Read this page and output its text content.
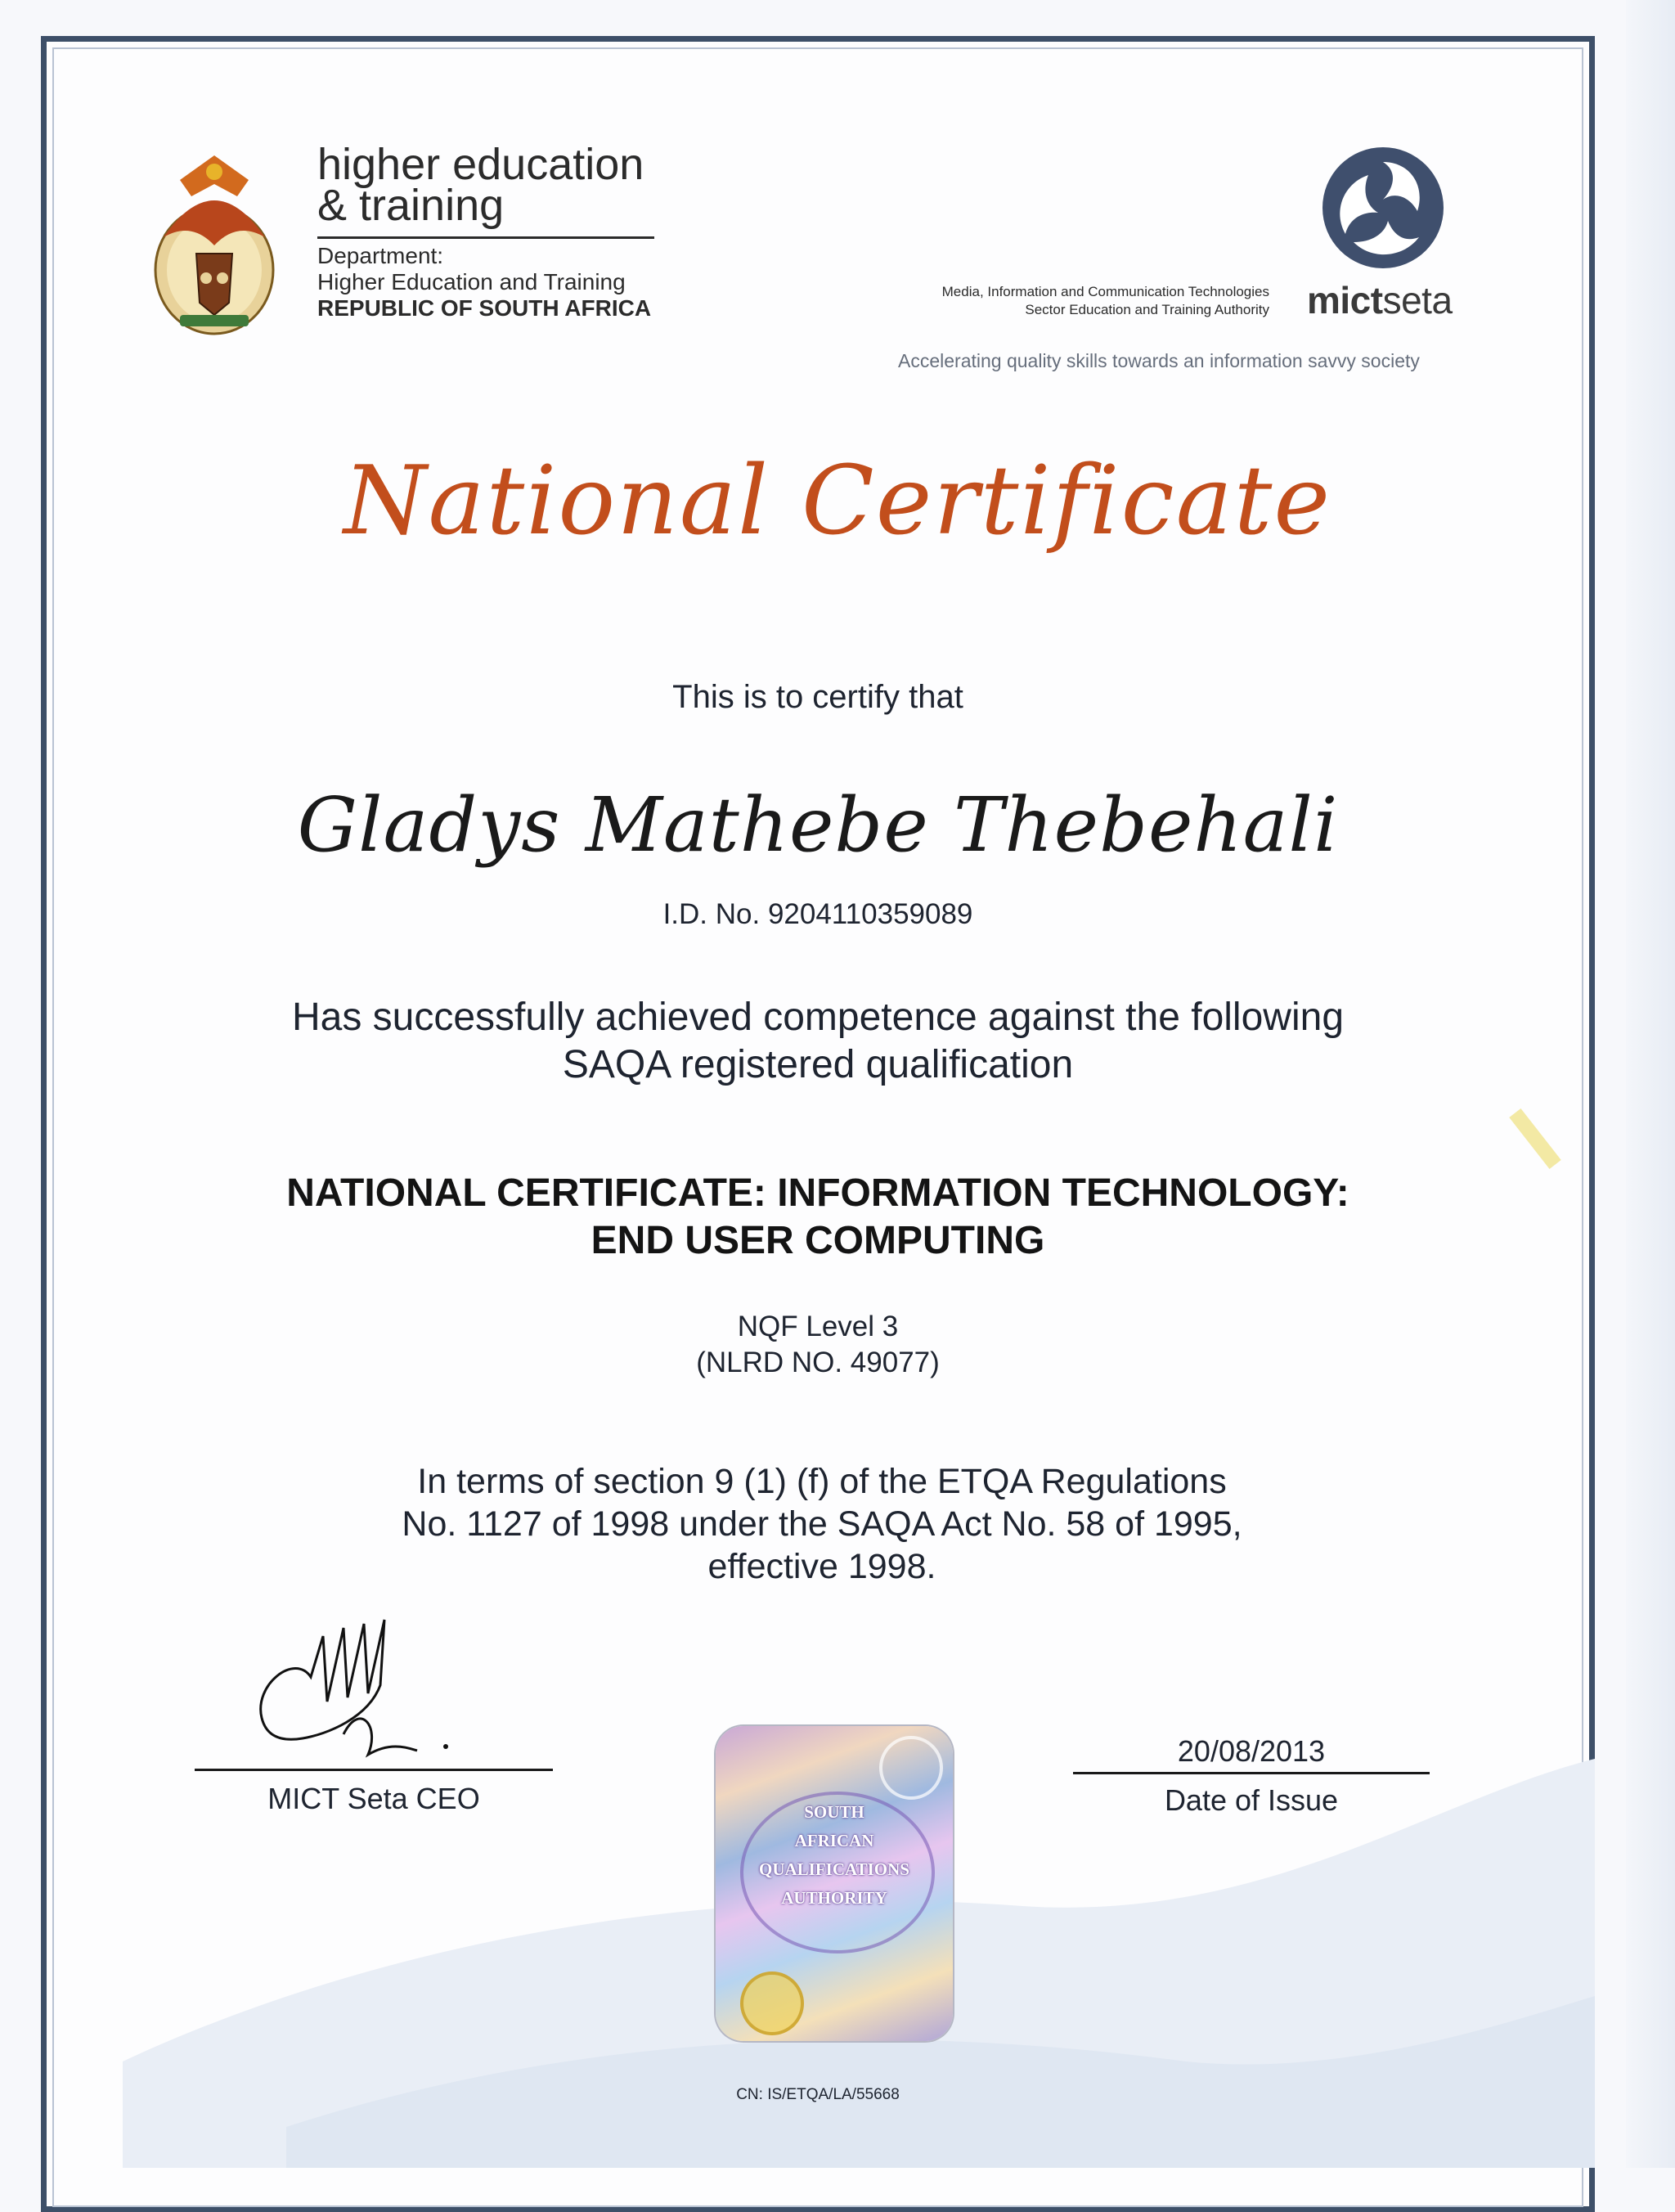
higher education
& training
Department:
Higher Education and Training
REPUBLIC OF SOUTH AFRICA
Media, Information and Communication Technologies
Sector Education and Training Authority mictseta
Accelerating quality skills towards an information savvy society
National Certificate
This is to certify that
Gladys Mathebe Thebehali
I.D. No. 9204110359089
Has successfully achieved competence against the following
SAQA registered qualification
NATIONAL CERTIFICATE: INFORMATION TECHNOLOGY:
END USER COMPUTING
NQF Level 3
(NLRD NO. 49077)
In terms of section 9 (1) (f) of the ETQA Regulations
No. 1127 of 1998 under the SAQA Act No. 58 of 1995,
effective 1998.
MICT Seta CEO
20/08/2013
Date of Issue
SOUTH
AFRICAN
QUALIFICATIONS
AUTHORITY
CN: IS/ETQA/LA/55668
